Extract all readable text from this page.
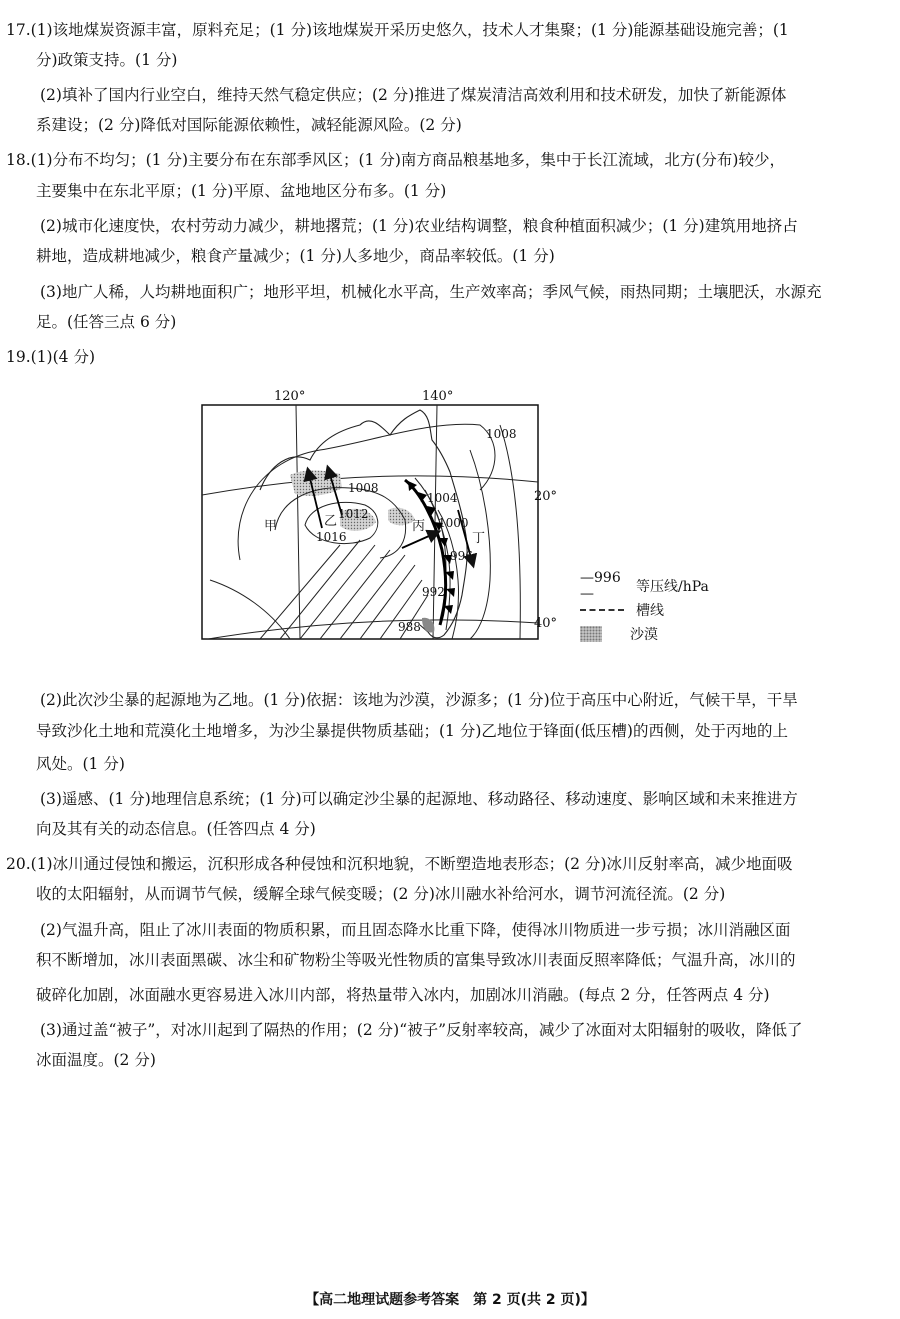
17.(1)该地煤炭资源丰富，原料充足；(1 分)该地煤炭开采历史悠久，技术人才集聚；(1 分)能源基础设施完善；(1
分)政策支持。(1 分)
(2)填补了国内行业空白，维持天然气稳定供应；(2 分)推进了煤炭清洁高效利用和技术研发，加快了新能源体
系建设；(2 分)降低对国际能源依赖性，减轻能源风险。(2 分)
18.(1)分布不均匀；(1 分)主要分布在东部季风区；(1 分)南方商品粮基地多，集中于长江流域，北方(分布)较少，
主要集中在东北平原；(1 分)平原、盆地地区分布多。(1 分)
(2)城市化速度快，农村劳动力减少，耕地撂荒；(1 分)农业结构调整，粮食种植面积减少；(1 分)建筑用地挤占
耕地，造成耕地减少，粮食产量减少；(1 分)人多地少，商品率较低。(1 分)
(3)地广人稀，人均耕地面积广；地形平坦，机械化水平高，生产效率高；季风气候，雨热同期；土壤肥沃，水源充
足。(任答三点 6 分)
19.(1)(4 分)
120°	140°
20°
40°
1008
1008
1004
1000
996
992
988
1012
1016
甲	乙	丙
丁
—996—	等压线/hPa
槽线
沙漠
(2)此次沙尘暴的起源地为乙地。(1 分)依据：该地为沙漠，沙源多；(1 分)位于高压中心附近，气候干旱，干旱
导致沙化土地和荒漠化土地增多，为沙尘暴提供物质基础；(1 分)乙地位于锋面(低压槽)的西侧，处于丙地的上
风处。(1 分)
(3)遥感、(1 分)地理信息系统；(1 分)可以确定沙尘暴的起源地、移动路径、移动速度、影响区域和未来推进方
向及其有关的动态信息。(任答四点 4 分)
20.(1)冰川通过侵蚀和搬运，沉积形成各种侵蚀和沉积地貌，不断塑造地表形态；(2 分)冰川反射率高，减少地面吸
收的太阳辐射，从而调节气候，缓解全球气候变暖；(2 分)冰川融水补给河水，调节河流径流。(2 分)
(2)气温升高，阻止了冰川表面的物质积累，而且固态降水比重下降，使得冰川物质进一步亏损；冰川消融区面
积不断增加，冰川表面黑碳、冰尘和矿物粉尘等吸光性物质的富集导致冰川表面反照率降低；气温升高，冰川的
破碎化加剧，冰面融水更容易进入冰川内部，将热量带入冰内，加剧冰川消融。(每点 2 分，任答两点 4 分)
(3)通过盖“被子”，对冰川起到了隔热的作用；(2 分)“被子”反射率较高，减少了冰面对太阳辐射的吸收，降低了
冰面温度。(2 分)
【高二地理试题参考答案　第 2 页(共 2 页)】
